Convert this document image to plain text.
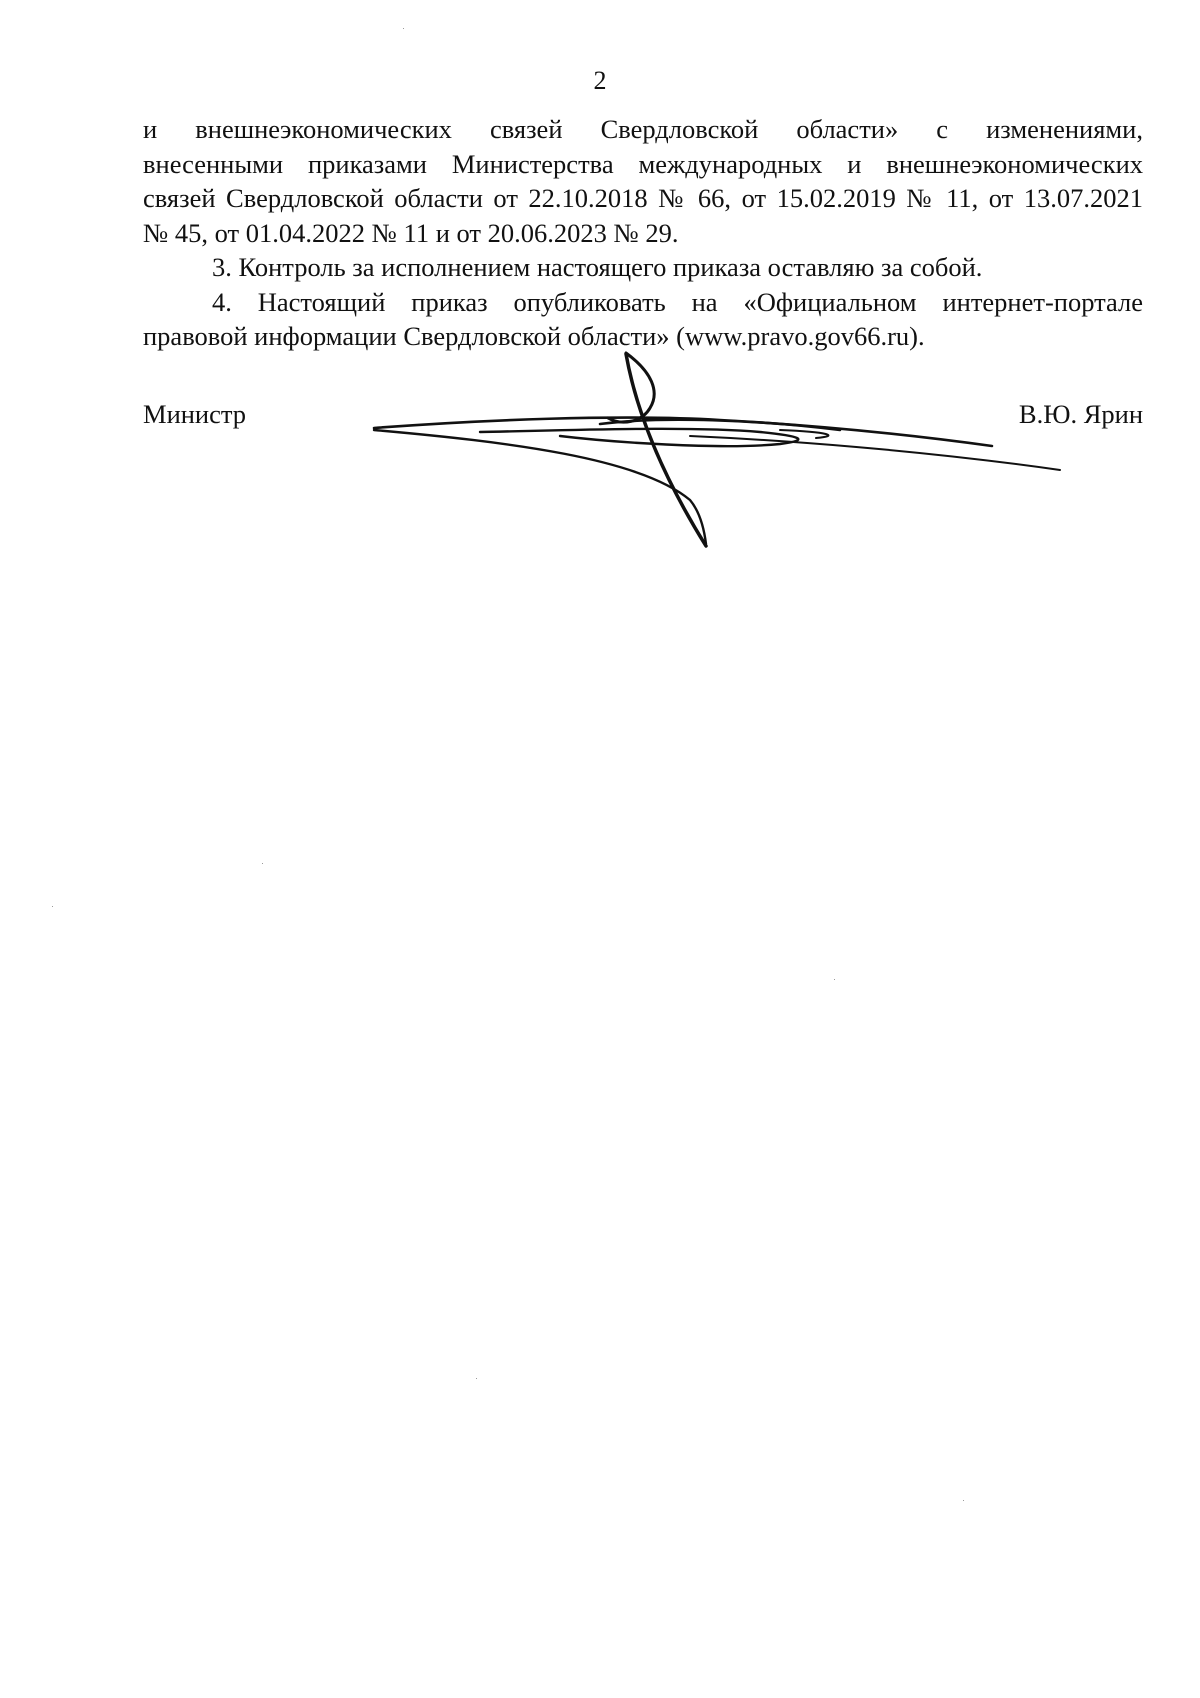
2

и внешнеэкономических связей Свердловской области» с изменениями,
внесенными приказами Министерства международных и внешнеэкономических
связей Свердловской области от 22.10.2018 № 66, от 15.02.2019 № 11, от 13.07.2021
№ 45, от 01.04.2022 № 11 и от 20.06.2023 № 29.

3. Контроль за исполнением настоящего приказа оставляю за собой.

4. Настоящий приказ опубликовать на «Официальном интернет-портале
правовой информации Свердловской области» (www.pravo.gov66.ru).

Министр	В.Ю. Ярин
